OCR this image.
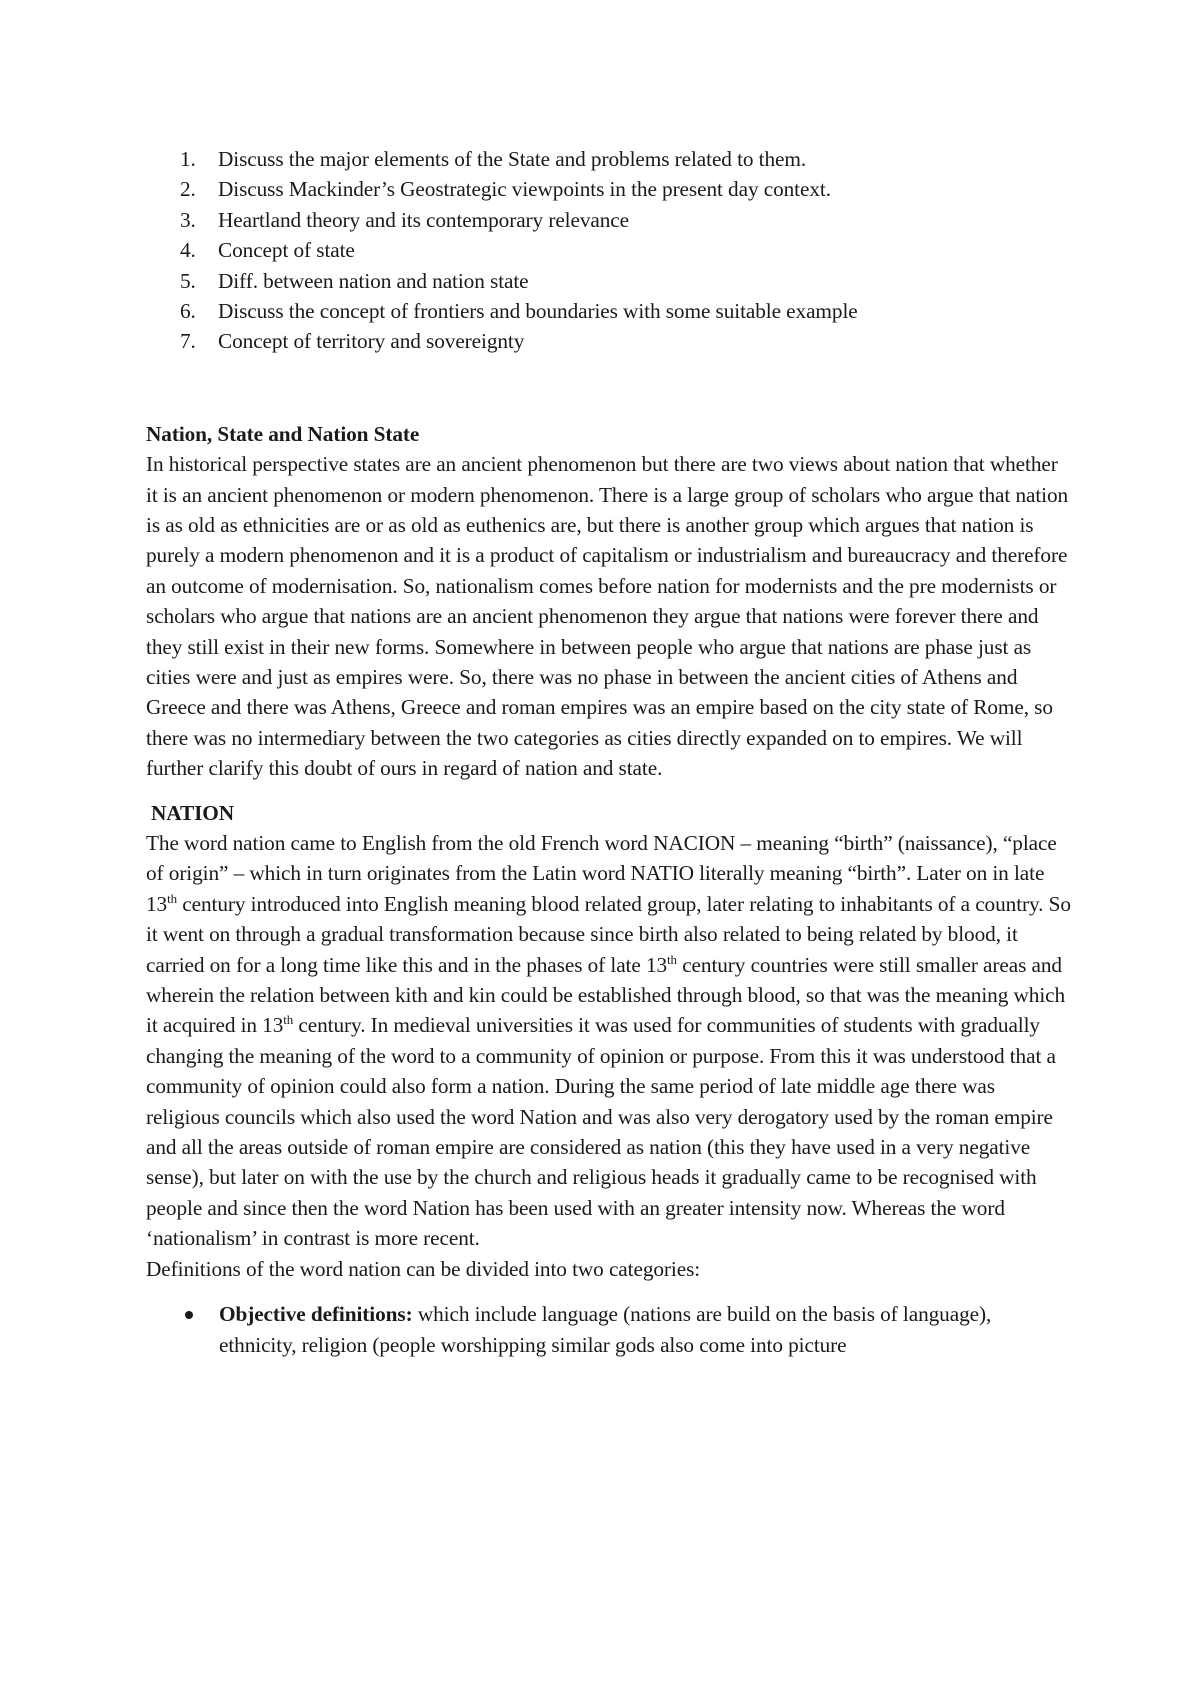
1. Discuss the major elements of the State and problems related to them.
2. Discuss Mackinder’s Geostrategic viewpoints in the present day context.
3. Heartland theory and its contemporary relevance
4. Concept of state
5. Diff. between nation and nation state
6. Discuss the concept of frontiers and boundaries with some suitable example
7. Concept of territory and sovereignty

Nation, State and Nation State

In historical perspective states are an ancient phenomenon but there are two views about nation that whether it is an ancient phenomenon or modern phenomenon. There is a large group of scholars who argue that nation is as old as ethnicities are or as old as euthenics are, but there is another group which argues that nation is purely a modern phenomenon and it is a product of capitalism or industrialism and bureaucracy and therefore an outcome of modernisation. So, nationalism comes before nation for modernists and the pre modernists or scholars who argue that nations are an ancient phenomenon they argue that nations were forever there and they still exist in their new forms. Somewhere in between people who argue that nations are phase just as cities were and just as empires were. So, there was no phase in between the ancient cities of Athens and Greece and there was Athens, Greece and roman empires was an empire based on the city state of Rome, so there was no intermediary between the two categories as cities directly expanded on to empires. We will further clarify this doubt of ours in regard of nation and state.

NATION

The word nation came to English from the old French word NACION – meaning “birth” (naissance), “place of origin” – which in turn originates from the Latin word NATIO literally meaning “birth”. Later on in late 13th century introduced into English meaning blood related group, later relating to inhabitants of a country. So it went on through a gradual transformation because since birth also related to being related by blood, it carried on for a long time like this and in the phases of late 13th century countries were still smaller areas and wherein the relation between kith and kin could be established through blood, so that was the meaning which it acquired in 13th century. In medieval universities it was used for communities of students with gradually changing the meaning of the word to a community of opinion or purpose. From this it was understood that a community of opinion could also form a nation. During the same period of late middle age there was religious councils which also used the word Nation and was also very derogatory used by the roman empire and all the areas outside of roman empire are considered as nation (this they have used in a very negative sense), but later on with the use by the church and religious heads it gradually came to be recognised with people and since then the word Nation has been used with an greater intensity now. Whereas the word ‘nationalism’ in contrast is more recent.

Definitions of the word nation can be divided into two categories:

Objective definitions: which include language (nations are build on the basis of language), ethnicity, religion (people worshipping similar gods also come into picture
